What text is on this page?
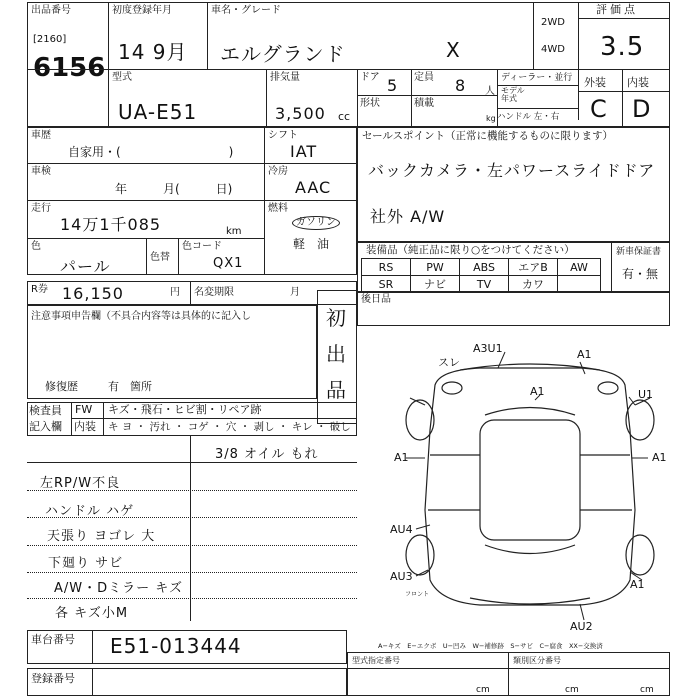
出品番号
[2160]
6156
初度登録年月
14 9月
車名・グレード
エルグランド	X
2WD
4WD
評価点
3.5
型式
UA-E51
排気量
3,500 cc
ドア 5 定員 8 人
形状	積載
kg
ディーラー・並行
モデル年式
ハンドル 左・右
外装 内装
C D
車歴
自家用・(　　　　　　　　　)
車検
年　　　月(　　　日)
走行
14万1千085	km
色
パール	色替
色コード
QX1
シフト
IAT
冷房
AAC
燃料
ガソリン
軽　油
セールスポイント（正常に機能するものに限ります）
バックカメラ・左パワースライドドア
社外 A/W
装備品（純正品に限り○をつけてください）
RS	PW	ABS	エアB	AW
SR	ナビ	TV	カワ	
新車保証書
有・無
後日品
R券 16,150	円 名変期限	月
注意事項申告欄（不具合内容等は具体的に記入し
修復歴	有　箇所
初出品
検査員
記入欄
FW キズ・飛石・ヒビ割・リペア跡
内装 キ ヨ ・ 汚れ ・ コゲ ・ 穴 ・ 剥し ・ キレ ・ 破し
3/8 オイル もれ
左RP/W不良
ハンドル ハゲ
天張り ヨゴレ 大
下廻り サビ
A/W・Dミラー キズ
各 キズ小M
A3U1
スレ
A1
A1
A1
U1
A1
A1
AU4
AU3
AU2
フロント
A−キズ　E−エクボ　U−凹み　W−補修跡　S−サビ　C−腐食　XX−交換済
車台番号 E51-013444
登録番号
型式指定番号	類別区分番号
cm	cm	cm
